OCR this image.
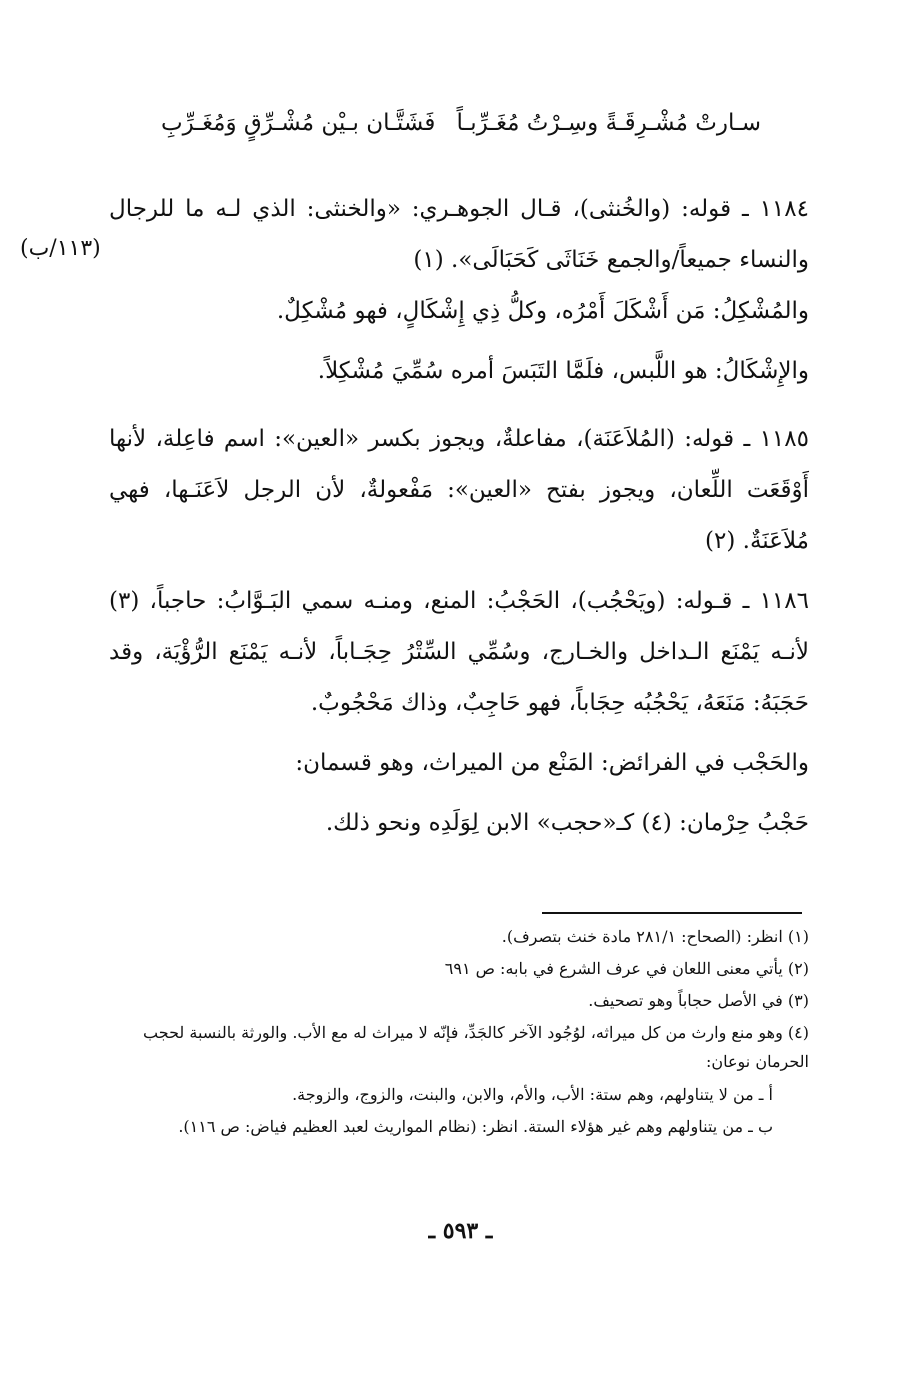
سـارتْ مُشْـرِقَـةً وسِـرْتُ مُغَـرِّبـاً
فَشَتَّـان بـيْن مُشْـرِّقٍ وَمُغَـرِّبِ
(١١٣/ب)
١١٨٤ ـ قوله: (والخُنثى)، قـال الجوهـري: «والخنثى: الذي لـه ما للرجال والنساء جميعاً/والجمع خَنَاثَى كَحَبَالَى». (١)
والمُشْكِلُ: مَن أَشْكَلَ أَمْرُه، وكلُّ ذِي إِشْكَالٍ، فهو مُشْكِلٌ.
والإِشْكَالُ: هو اللَّبس، فلَمَّا التَبَسَ أمره سُمِّيَ مُشْكِلاً.
١١٨٥ ـ قوله: (المُلاَعَنَة)، مفاعلةٌ، ويجوز بكسر «العين»: اسم فاعِلة، لأنها أَوْقَعَت اللِّعان، ويجوز بفتح «العين»: مَفْعولةٌ، لأن الرجل لاَعَنَـها، فهي مُلاَعَنَةٌ. (٢)
١١٨٦ ـ قـوله: (ويَحْجُب)، الحَجْبُ: المنع، ومنـه سمي البَـوَّابُ: حاجباً، (٣) لأنـه يَمْنَع الـداخل والخـارج، وسُمِّي السِّتْرُ حِجَـاباً، لأنـه يَمْنَع الرُّؤْيَة، وقد حَجَبَهُ: مَنَعَهُ، يَحْجُبُه حِجَاباً، فهو حَاجِبٌ، وذاك مَحْجُوبٌ.
والحَجْب في الفرائض: المَنْع من الميراث، وهو قسمان:
حَجْبُ حِرْمان: (٤) كـ«حجب» الابن لِوَلَدِه ونحو ذلك.
(١) انظر: (الصحاح: ٢٨١/١ مادة خنث بتصرف).
(٢) يأتي معنى اللعان في عرف الشرع في بابه: ص ٦٩١
(٣) في الأصل حجاباً وهو تصحيف.
(٤) وهو منع وارث من كل ميراثه، لوُجُود الآخر كالجَدِّ، فإنّه لا ميراث له مع الأب. والورثة بالنسبة لحجب الحرمان نوعان:
أ ـ من لا يتناولهم، وهم ستة: الأب، والأم، والابن، والبنت، والزوج، والزوجة.
ب ـ من يتناولهم وهم غير هؤلاء الستة. انظر: (نظام المواريث لعبد العظيم فياض: ص ١١٦).
ـ ٥٩٣ ـ
